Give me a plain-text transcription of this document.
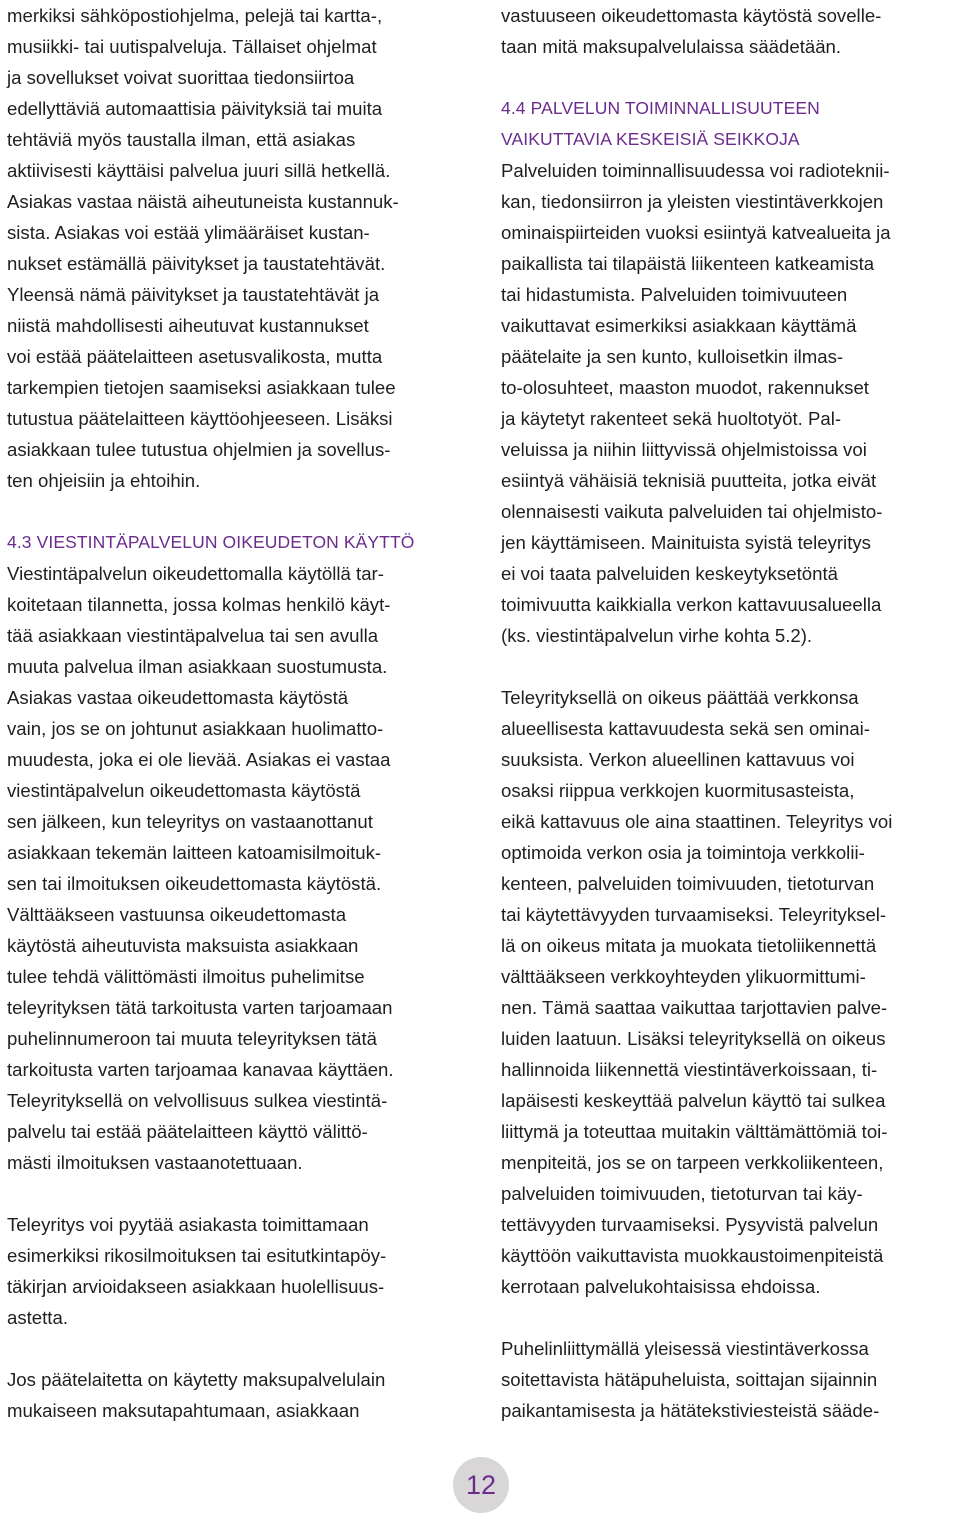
merkiksi sähköpostiohjelma, pelejä tai kartta-,
musiikki- tai uutispalveluja. Tällaiset ohjelmat
ja sovellukset voivat suorittaa tiedonsiirtoa
edellyttäviä automaattisia päivityksiä tai muita
tehtäviä myös taustalla ilman, että asiakas
aktiivisesti käyttäisi palvelua juuri sillä hetkellä.
Asiakas vastaa näistä aiheutuneista kustannuk-
sista. Asiakas voi estää ylimääräiset kustan-
nukset estämällä päivitykset ja taustatehtävät.
Yleensä nämä päivitykset ja taustatehtävät ja
niistä mahdollisesti aiheutuvat kustannukset
voi estää päätelaitteen asetusvalikosta, mutta
tarkempien tietojen saamiseksi asiakkaan tulee
tutustua päätelaitteen käyttöohjeeseen. Lisäksi
asiakkaan tulee tutustua ohjelmien ja sovellus-
ten ohjeisiin ja ehtoihin.
4.3 VIESTINTÄPALVELUN OIKEUDETON KÄYTTÖ
Viestintäpalvelun oikeudettomalla käytöllä tar-
koitetaan tilannetta, jossa kolmas henkilö käyt-
tää asiakkaan viestintäpalvelua tai sen avulla
muuta palvelua ilman asiakkaan suostumusta.
Asiakas vastaa oikeudettomasta käytöstä
vain, jos se on johtunut asiakkaan huolimatto-
muudesta, joka ei ole lievää. Asiakas ei vastaa
viestintäpalvelun oikeudettomasta käytöstä
sen jälkeen, kun teleyritys on vastaanottanut
asiakkaan tekemän laitteen katoamisilmoituk-
sen tai ilmoituksen oikeudettomasta käytöstä.
Välttääkseen vastuunsa oikeudettomasta
käytöstä aiheutuvista maksuista asiakkaan
tulee tehdä välittömästi ilmoitus puhelimitse
teleyrityksen tätä tarkoitusta varten tarjoamaan
puhelinnumeroon tai muuta teleyrityksen tätä
tarkoitusta varten tarjoamaa kanavaa käyttäen.
Teleyrityksellä on velvollisuus sulkea viestintä-
palvelu tai estää päätelaitteen käyttö välittö-
mästi ilmoituksen vastaanotettuaan.
Teleyritys voi pyytää asiakasta toimittamaan
esimerkiksi rikosilmoituksen tai esitutkintapöy-
täkirjan arvioidakseen asiakkaan huolellisuus-
astetta.
Jos päätelaitetta on käytetty maksupalvelulain
mukaiseen maksutapahtumaan, asiakkaan
vastuuseen oikeudettomasta käytöstä sovelle-
taan mitä maksupalvelulaissa säädetään.
4.4 PALVELUN TOIMINNALLISUUTEEN
VAIKUTTAVIA KESKEISIÄ SEIKKOJA
Palveluiden toiminnallisuudessa voi radioteknii-
kan, tiedonsiirron ja yleisten viestintäverkkojen
ominaispiirteiden vuoksi esiintyä katvealueita ja
paikallista tai tilapäistä liikenteen katkeamista
tai hidastumista. Palveluiden toimivuuteen
vaikuttavat esimerkiksi asiakkaan käyttämä
päätelaite ja sen kunto, kulloisetkin ilmas-
to-olosuhteet, maaston muodot, rakennukset
ja käytetyt rakenteet sekä huoltotyöt. Pal-
veluissa ja niihin liittyvissä ohjelmistoissa voi
esiintyä vähäisiä teknisiä puutteita, jotka eivät
olennaisesti vaikuta palveluiden tai ohjelmisto-
jen käyttämiseen. Mainituista syistä teleyritys
ei voi taata palveluiden keskeytyksetöntä
toimivuutta kaikkialla verkon kattavuusalueella
(ks. viestintäpalvelun virhe kohta 5.2).
Teleyrityksellä on oikeus päättää verkkonsa
alueellisesta kattavuudesta sekä sen ominai-
suuksista. Verkon alueellinen kattavuus voi
osaksi riippua verkkojen kuormitusasteista,
eikä kattavuus ole aina staattinen. Teleyritys voi
optimoida verkon osia ja toimintoja verkkolii-
kenteen, palveluiden toimivuuden, tietoturvan
tai käytettävyyden turvaamiseksi. Teleyrityksel-
lä on oikeus mitata ja muokata tietoliikennettä
välttääkseen verkkoyhteyden ylikuormittumi-
nen. Tämä saattaa vaikuttaa tarjottavien palve-
luiden laatuun. Lisäksi teleyrityksellä on oikeus
hallinnoida liikennettä viestintäverkoissaan, ti-
lapäisesti keskeyttää palvelun käyttö tai sulkea
liittymä ja toteuttaa muitakin välttämättömiä toi-
menpiteitä, jos se on tarpeen verkkoliikenteen,
palveluiden toimivuuden, tietoturvan tai käy-
tettävyyden turvaamiseksi. Pysyvistä palvelun
käyttöön vaikuttavista muokkaustoimenpiteistä
kerrotaan palvelukohtaisissa ehdoissa.
Puhelinliittymällä yleisessä viestintäverkossa
soitettavista hätäpuheluista, soittajan sijainnin
paikantamisesta ja hätätekstiviesteistä sääde-
12
